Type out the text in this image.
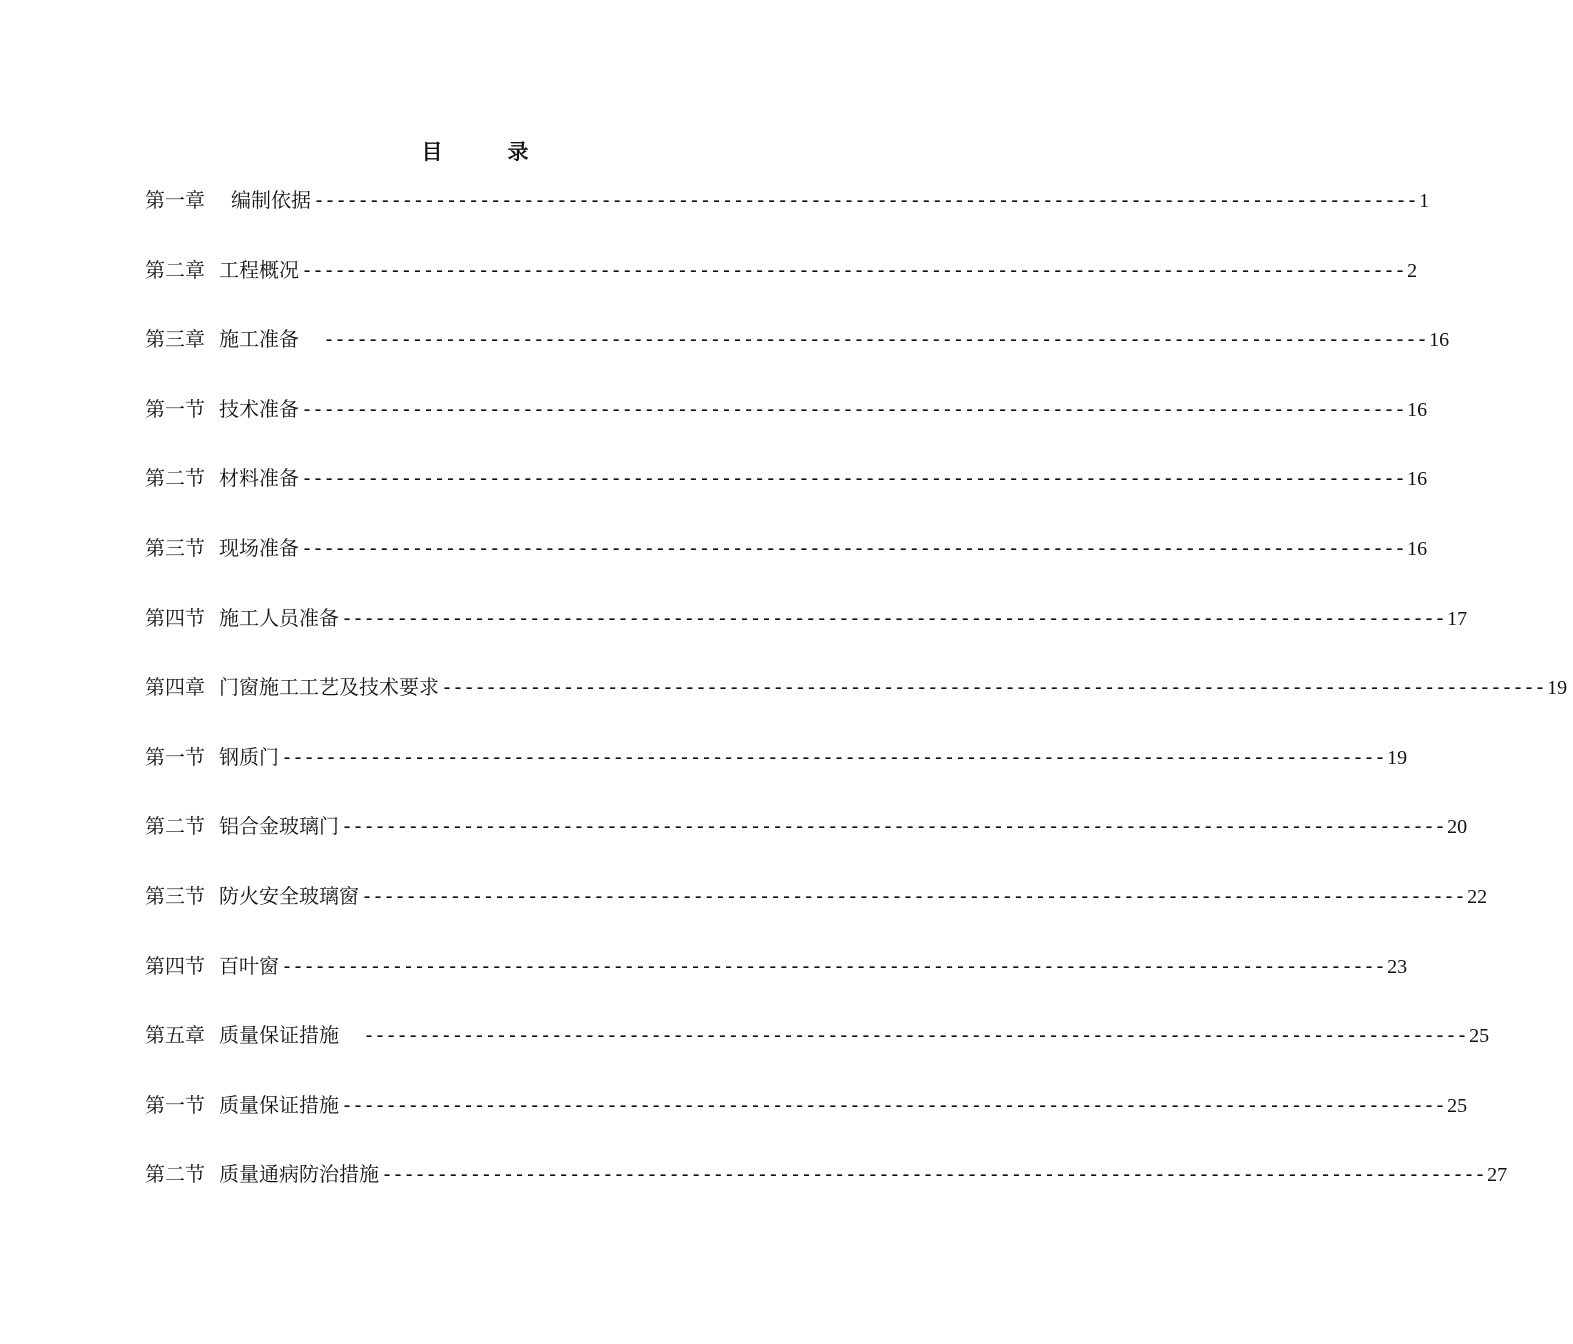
目　录
第一章 编制依据 ---------------------------------------------------------------------------------------------------- 1
第二章 工程概况 ---------------------------------------------------------------------------------------------------- 2
第三章 施工准备	---------------------------------------------------------------------------------------------------- 16
第一节 技术准备 ---------------------------------------------------------------------------------------------------- 16
第二节 材料准备 ---------------------------------------------------------------------------------------------------- 16
第三节 现场准备 ---------------------------------------------------------------------------------------------------- 16
第四节 施工人员准备 ---------------------------------------------------------------------------------------------------- 17
第四章 门窗施工工艺及技术要求 ---------------------------------------------------------------------------------------------------- 19
第一节 钢质门 ---------------------------------------------------------------------------------------------------- 19
第二节 铝合金玻璃门 ---------------------------------------------------------------------------------------------------- 20
第三节 防火安全玻璃窗 ---------------------------------------------------------------------------------------------------- 22
第四节 百叶窗 ---------------------------------------------------------------------------------------------------- 23
第五章 质量保证措施	---------------------------------------------------------------------------------------------------- 25
第一节 质量保证措施 ---------------------------------------------------------------------------------------------------- 25
第二节 质量通病防治措施 ---------------------------------------------------------------------------------------------------- 27
